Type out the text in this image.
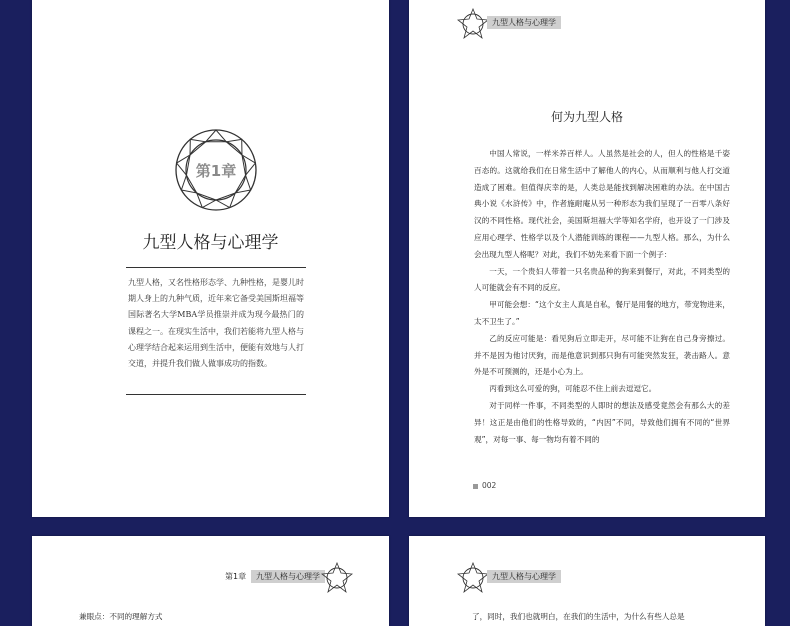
第1章
九型人格与心理学
九型人格，又名性格形态学、九种性格，是婴儿时期人身上的九种气质，近年来它备受美国斯坦福等国际著名大学MBA学员推崇并成为现今最热门的课程之一。在现实生活中，我们若能将九型人格与心理学结合起来运用到生活中，便能有效地与人打交道，并提升我们做人做事成功的指数。
九型人格与心理学
何为九型人格

中国人常说，一样米养百样人。人虽然是社会的人，但人的性格是千姿百态的。这就给我们在日常生活中了解他人的内心，从而顺利与他人打交道造成了困难。但值得庆幸的是，人类总是能找到解决困难的办法。在中国古典小说《水浒传》中，作者施耐庵从另一种形态为我们呈现了一百零八条好汉的不同性格。现代社会，美国斯坦福大学等知名学府，也开设了一门涉及应用心理学、性格学以及个人潜能训练的课程——九型人格。那么，为什么会出现九型人格呢？对此，我们不妨先来看下面一个例子：

一天，一个贵妇人带着一只名贵品种的狗来到餐厅，对此，不同类型的人可能就会有不同的反应。

甲可能会想：“这个女主人真是自私，餐厅是用餐的地方，带宠物进来，太不卫生了。”

乙的反应可能是：看见狗后立即走开，尽可能不让狗在自己身旁擦过。并不是因为他讨厌狗，而是他意识到那只狗有可能突然发狂，袭击路人。意外是不可预测的，还是小心为上。

丙看到这么可爱的狗，可能忍不住上前去逗逗它。

对于同样一件事，不同类型的人即时的想法及感受竟然会有那么大的差异！这正是由他们的性格导致的，“内因”不同，导致他们拥有不同的“世界观”，对每一事、每一物均有着不同的

002
第1章	九型人格与心理学
兼眼点：不同的理解方式
九型人格与心理学
了，同时，我们也就明白，在我们的生活中，为什么有些人总是
